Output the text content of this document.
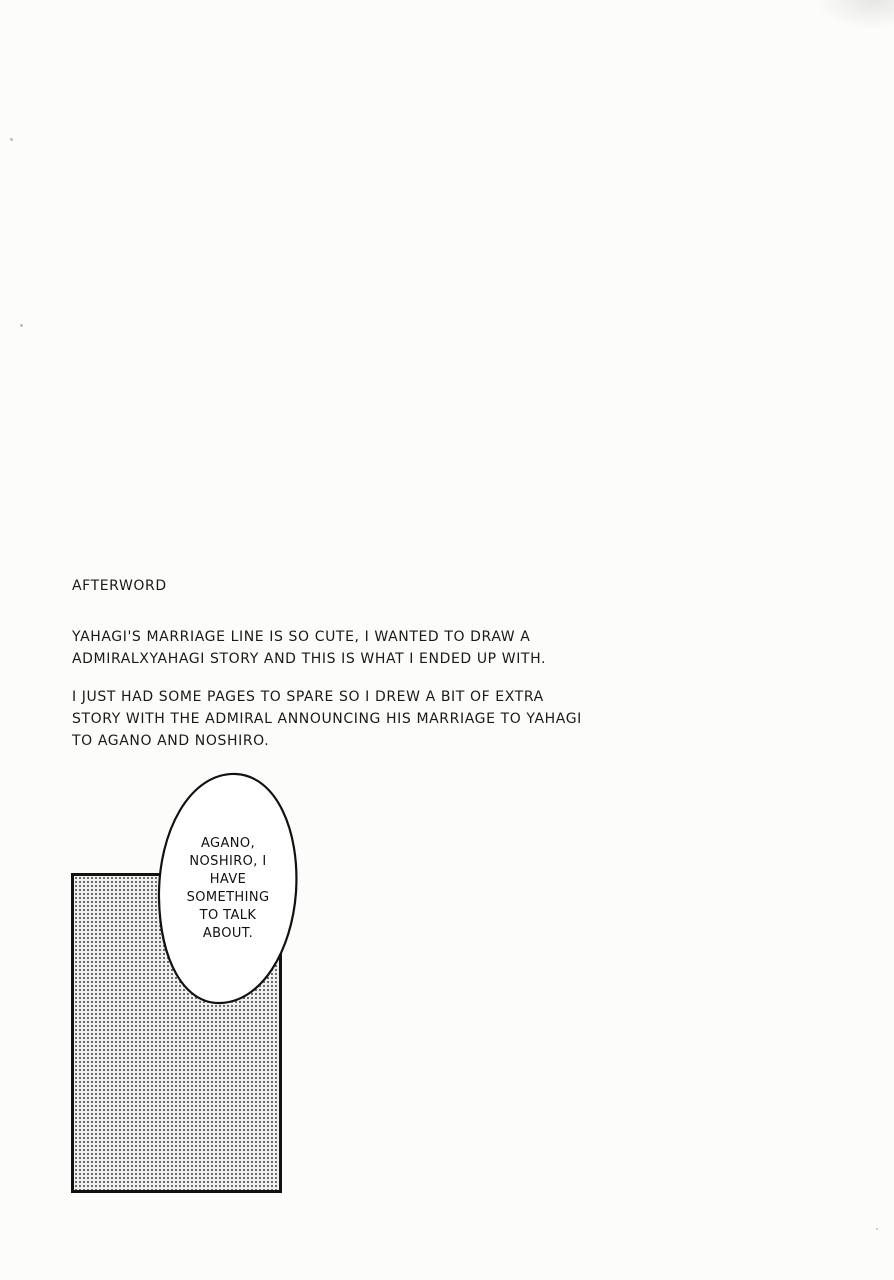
AFTERWORD
YAHAGI'S MARRIAGE LINE IS SO CUTE, I WANTED TO DRAW A
ADMIRALXYAHAGI STORY AND THIS IS WHAT I ENDED UP WITH.
I JUST HAD SOME PAGES TO SPARE SO I DREW A BIT OF EXTRA
STORY WITH THE ADMIRAL ANNOUNCING HIS MARRIAGE TO YAHAGI
TO AGANO AND NOSHIRO.
AGANO,
NOSHIRO, I
HAVE
SOMETHING
TO TALK
ABOUT.
